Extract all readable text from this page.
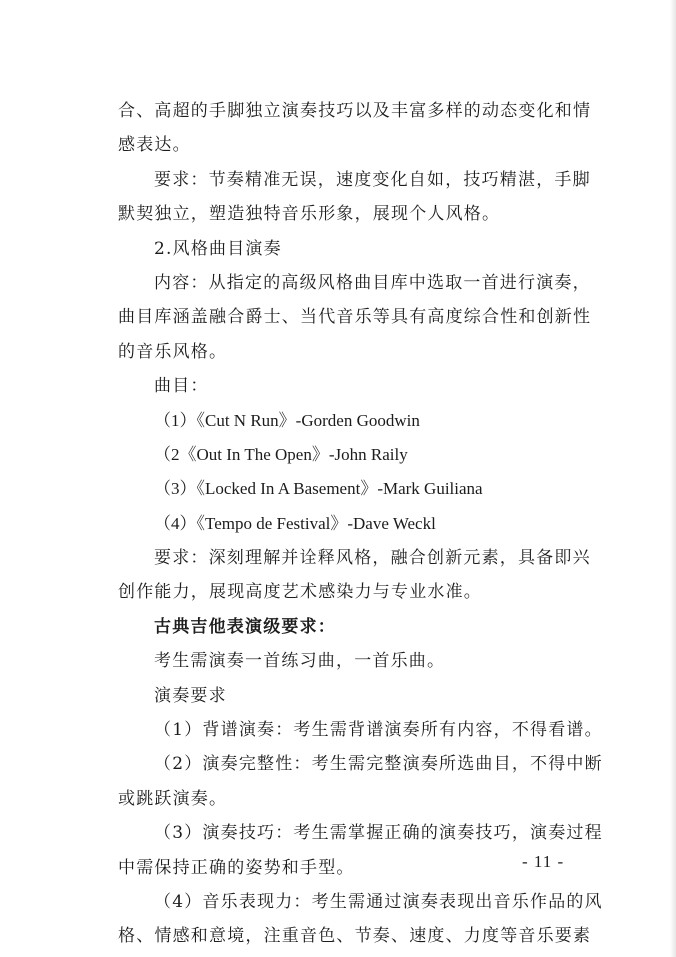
合、高超的手脚独立演奏技巧以及丰富多样的动态变化和情
感表达。
要求：节奏精准无误，速度变化自如，技巧精湛，手脚
默契独立，塑造独特音乐形象，展现个人风格。
2.风格曲目演奏
内容：从指定的高级风格曲目库中选取一首进行演奏，
曲目库涵盖融合爵士、当代音乐等具有高度综合性和创新性
的音乐风格。
曲目：
（1）《Cut N Run》-Gorden Goodwin
（2《Out In The Open》-John Raily
（3）《Locked In A Basement》-Mark Guiliana
（4）《Tempo de Festival》-Dave Weckl
要求：深刻理解并诠释风格，融合创新元素，具备即兴
创作能力，展现高度艺术感染力与专业水准。
古典吉他表演级要求：
考生需演奏一首练习曲，一首乐曲。
演奏要求
（1）背谱演奏：考生需背谱演奏所有内容，不得看谱。
（2）演奏完整性：考生需完整演奏所选曲目，不得中断
或跳跃演奏。
（3）演奏技巧：考生需掌握正确的演奏技巧，演奏过程
中需保持正确的姿势和手型。
（4）音乐表现力：考生需通过演奏表现出音乐作品的风
格、情感和意境，注重音色、节奏、速度、力度等音乐要素
- 11 -
